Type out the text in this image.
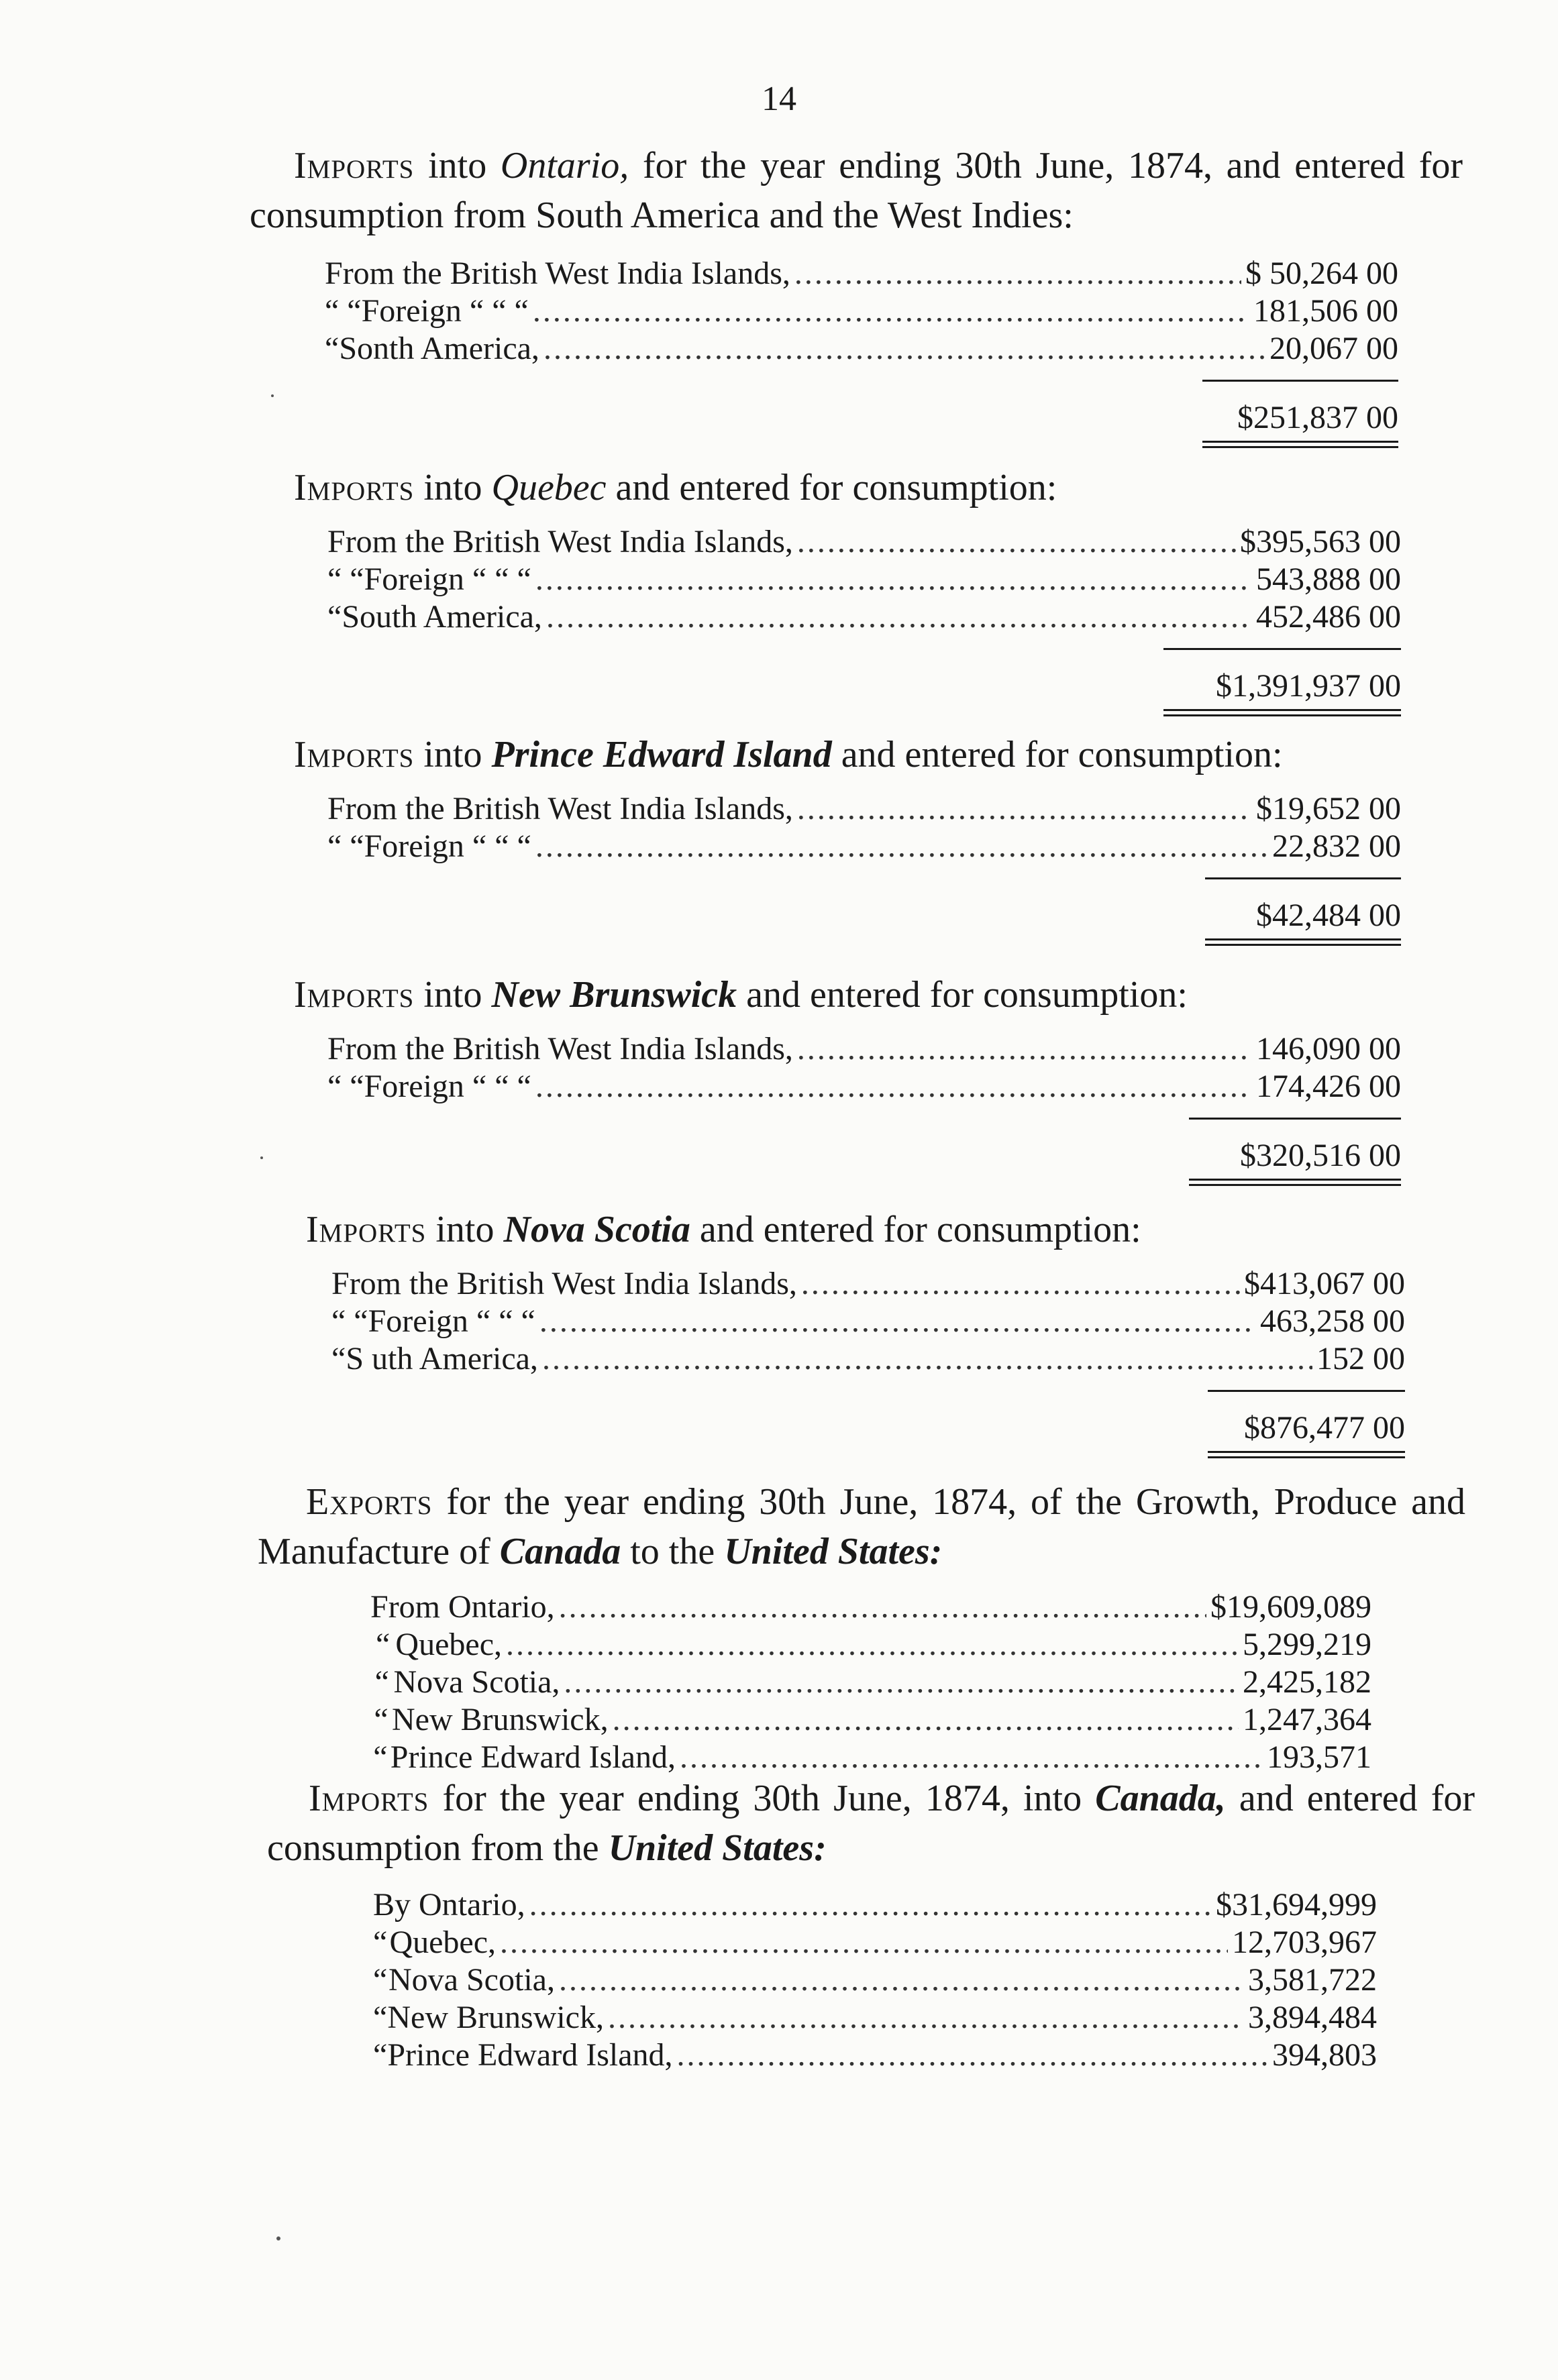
14
Imports into Ontario, for the year ending 30th June, 1874, and entered for consumption from South America and the West Indies:
From
the British West India Islands, .....	$ 50,264 00
“ “ Foreign “ “ “ .....	181,506 00
“ Sonth America, .....	20,067 00
$251,837 00
Imports into Quebec and entered for consumption:
From
the British West India Islands, .....	$395,563 00
“ “ Foreign “ “ “ .....	543,888 00
“ South America, .....	452,486 00
$1,391,937 00
Imports into Prince Edward Island and entered for consumption:
From
the British West India Islands, .....	$19,652 00
“ “ Foreign “ “ “ .....	22,832 00
$42,484 00
Imports into New Brunswick and entered for consumption:
From
the British West India Islands, .....	146,090 00
“ “ Foreign “ “ “ .....	174,426 00
$320,516 00
Imports into Nova Scotia and entered for consumption:
From
the British West India Islands, .....	$413,067 00
“ “ Foreign “ “ “ .....	463,258 00
“ S uth America, .....	152 00
$876,477 00
Exports for the year ending 30th June, 1874, of the Growth, Produce and Manufacture of Canada to the United States:
From
Ontario, .....	$19,609,089
“ Quebec, .....	5,299,219
“ Nova Scotia, .....	2,425,182
“ New Brunswick, .....	1,247,364
“ Prince Edward Island, .....	193,571
Imports for the year ending 30th June, 1874, into Canada, and entered for consumption from the United States:
By
Ontario, .....	$31,694,999
“ Quebec, .....	12,703,967
“ Nova Scotia, .....	3,581,722
“ New Brunswick, .....	3,894,484
“ Prince Edward Island, .....	394,803
